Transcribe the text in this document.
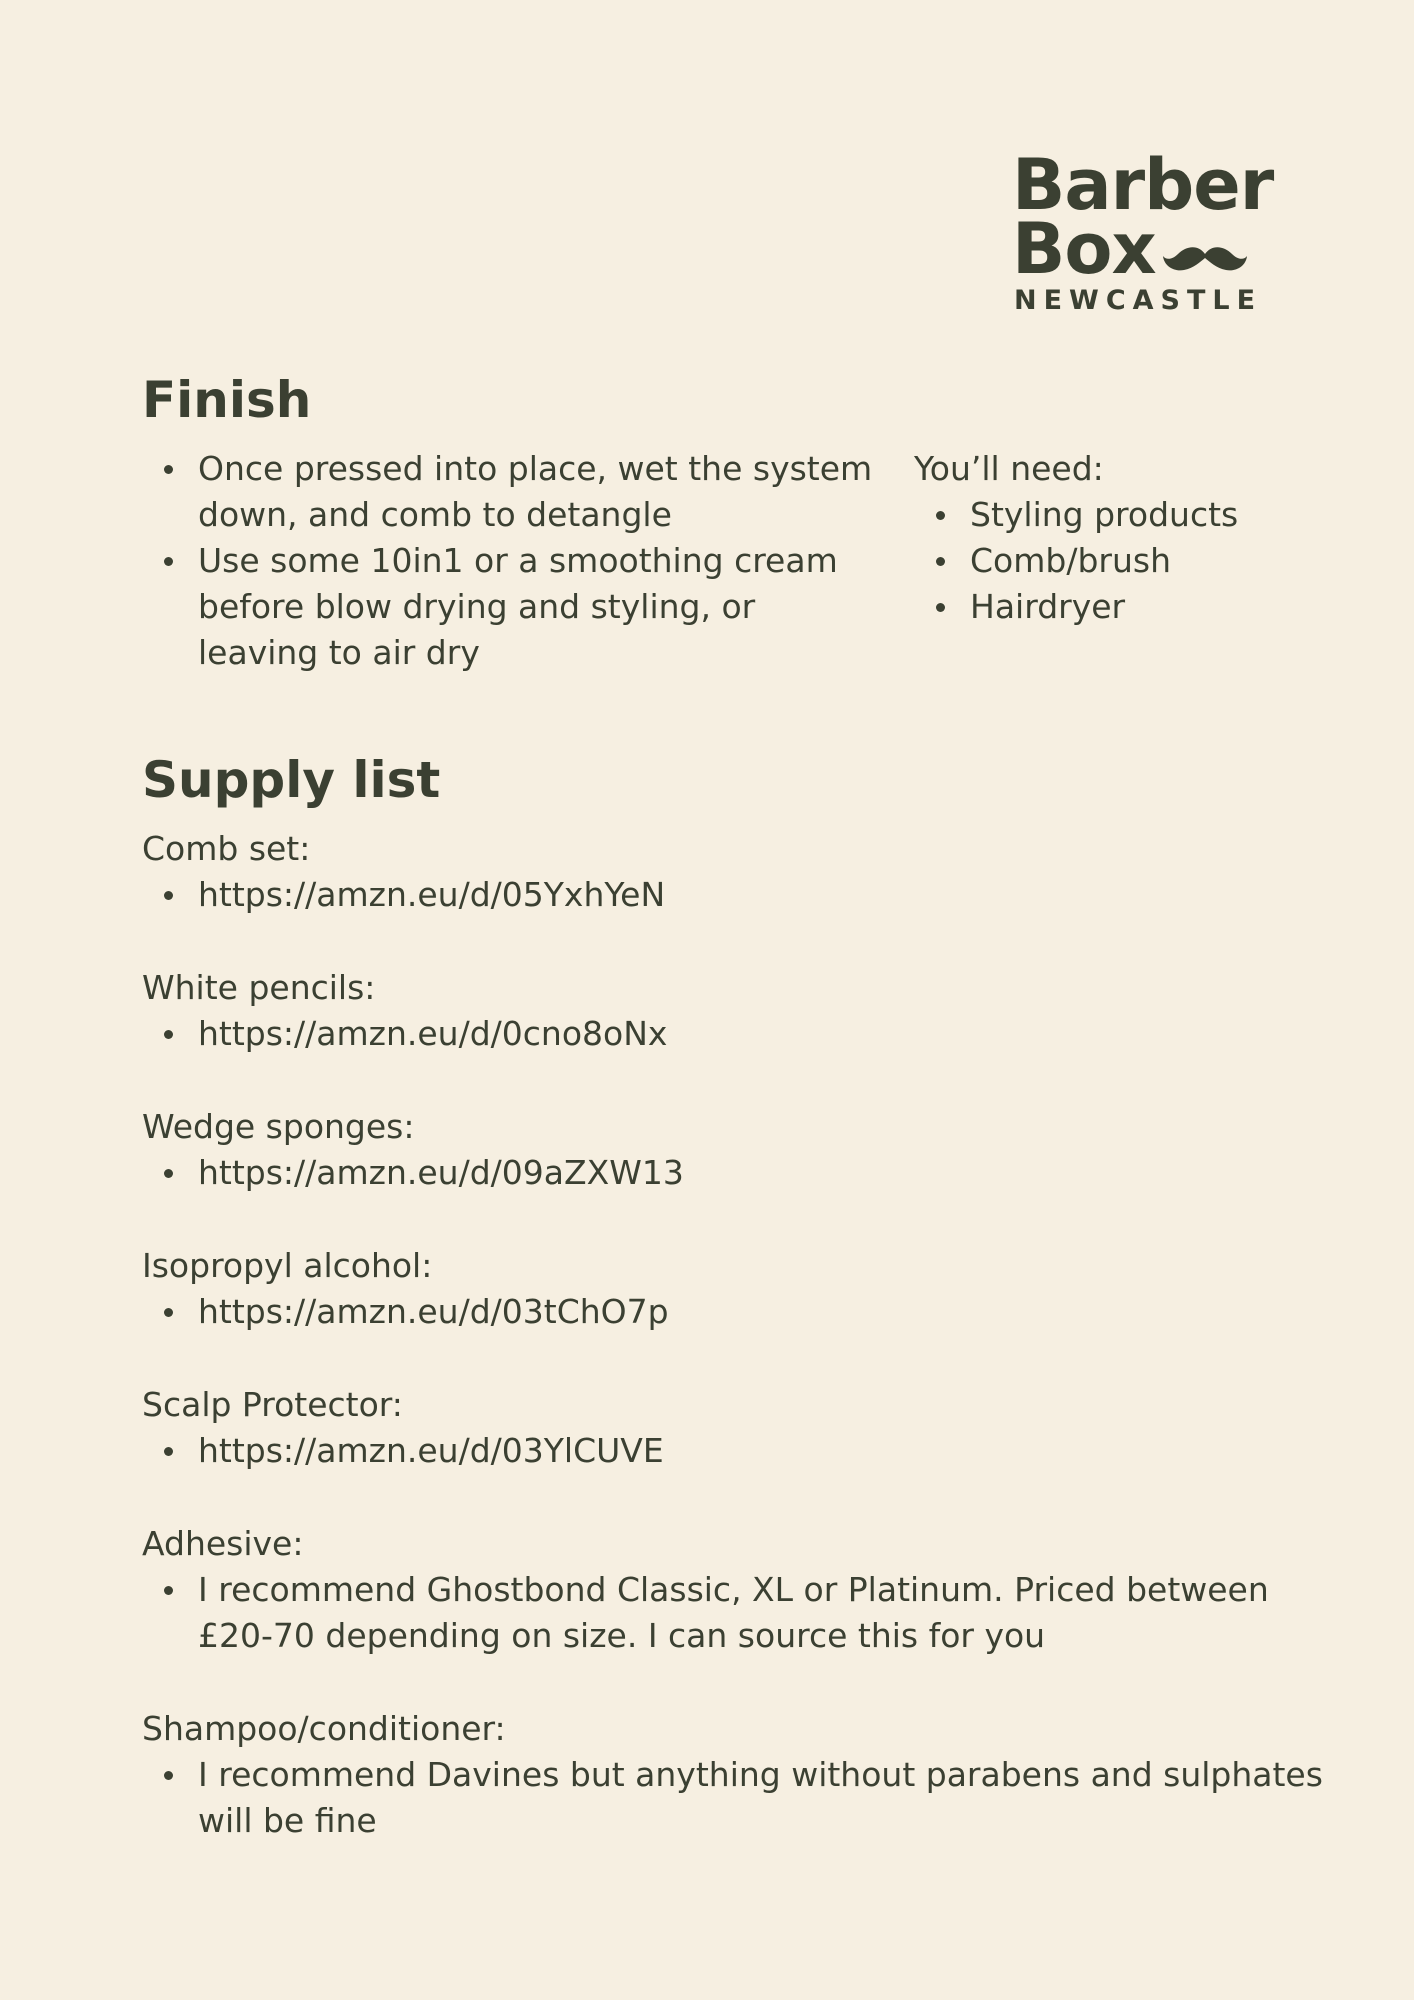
Barber
Box
NEWCASTLE
Finish
Once pressed into place, wet the system down, and comb to detangle
Use some 10in1 or a smoothing cream before blow drying and styling, or leaving to air dry
You’ll need:
Styling products
Comb/brush
Hairdryer
Supply list
Comb set:
https://amzn.eu/d/05YxhYeN
White pencils:
https://amzn.eu/d/0cno8oNx
Wedge sponges:
https://amzn.eu/d/09aZXW13
Isopropyl alcohol:
https://amzn.eu/d/03tChO7p
Scalp Protector:
https://amzn.eu/d/03YlCUVE
Adhesive:
I recommend Ghostbond Classic, XL or Platinum. Priced between £20-70 depending on size. I can source this for you
Shampoo/conditioner:
I recommend Davines but anything without parabens and sulphates will be fine
